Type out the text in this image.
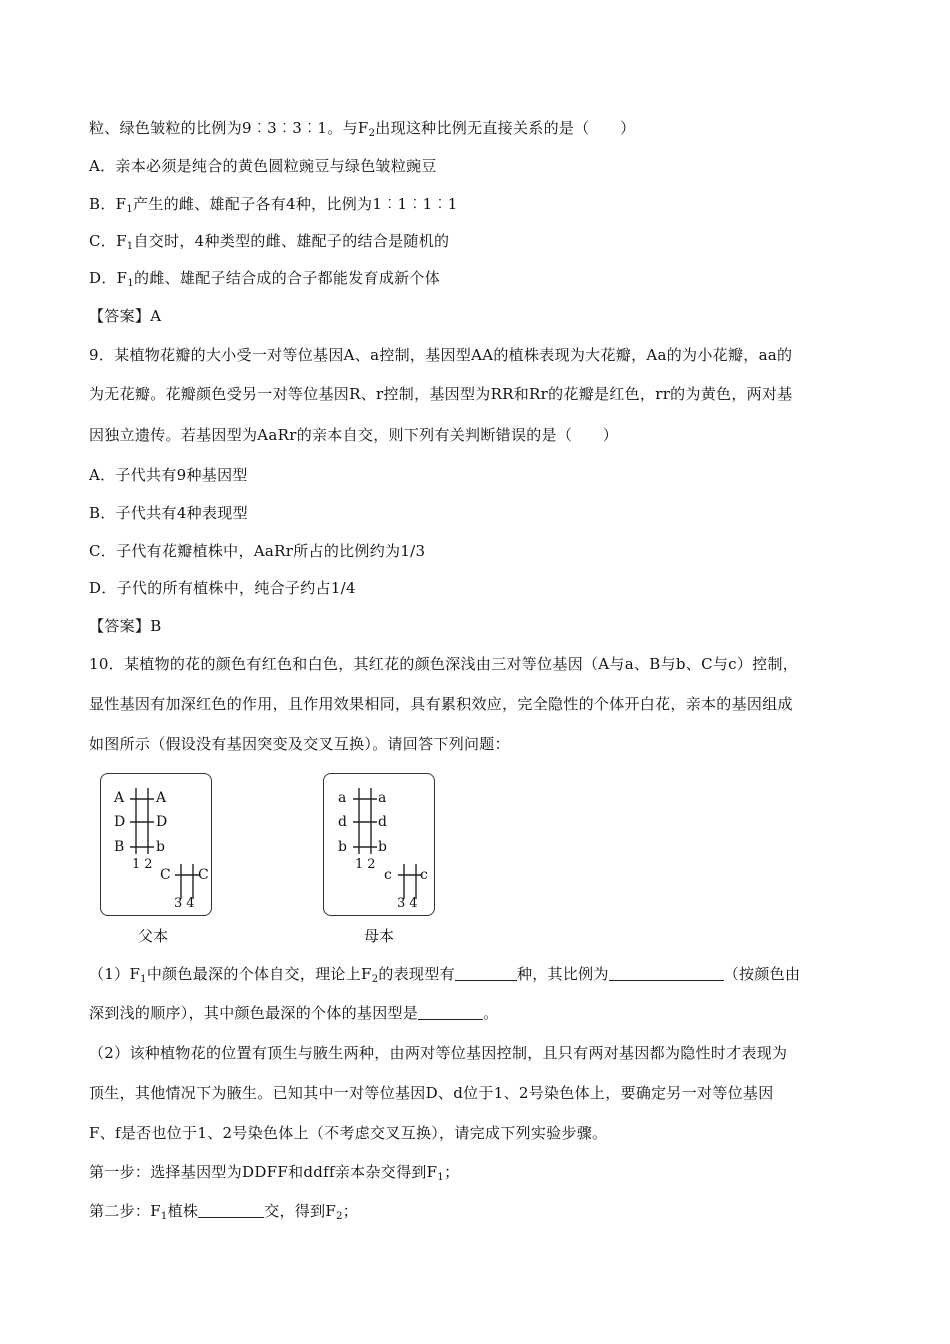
粒、绿色皱粒的比例为9︰3︰3︰1。与$F_2$出现这种比例无直接关系的是（　　）
A．亲本必须是纯合的黄色圆粒豌豆与绿色皱粒豌豆
B．$F_1$产生的雌、雄配子各有4种，比例为1︰1︰1︰1
C．$F_1$自交时，4种类型的雌、雄配子的结合是随机的
D．$F_1$的雌、雄配子结合成的合子都能发育成新个体
【答案】A
9．某植物花瓣的大小受一对等位基因A、a控制，基因型AA的植株表现为大花瓣，Aa的为小花瓣，aa的
为无花瓣。花瓣颜色受另一对等位基因R、r控制，基因型为RR和Rr的花瓣是红色，rr的为黄色，两对基
因独立遗传。若基因型为AaRr的亲本自交，则下列有关判断错误的是（　　）
A．子代共有9种基因型
B．子代共有4种表现型
C．子代有花瓣植株中，AaRr所占的比例约为1/3
D．子代的所有植株中，纯合子约占1/4
【答案】B
10．某植物的花的颜色有红色和白色，其红花的颜色深浅由三对等位基因（A与a、B与b、C与c）控制，
显性基因有加深红色的作用，且作用效果相同，具有累积效应，完全隐性的个体开白花，亲本的基因组成
如图所示（假设没有基因突变及交叉互换）。请回答下列问题：
A
D
B
A
D
b
12
C C
34
父本
a
d
b
a
d
b
12
c c
34
母本
$(1)F_1$中颜色最深的个体自交，理论上$F_2$的表现型有	种，其比例为	（按颜色由
深到浅的顺序），其中颜色最深的个体的基因型是	。
（2）该种植物花的位置有顶生与腋生两种，由两对等位基因控制，且只有两对基因都为隐性时才表现为
顶生，其他情况下为腋生。已知其中一对等位基因D、d位于1、2号染色体上，要确定另一对等位基因
F、f是否也位于1、2号染色体上（不考虑交叉互换），请完成下列实验步骤。
第一步：选择基因型为DDFF和ddff亲本杂交得到$F_1$；
第二步：$F_1$植株	交，得到$F_2$；
